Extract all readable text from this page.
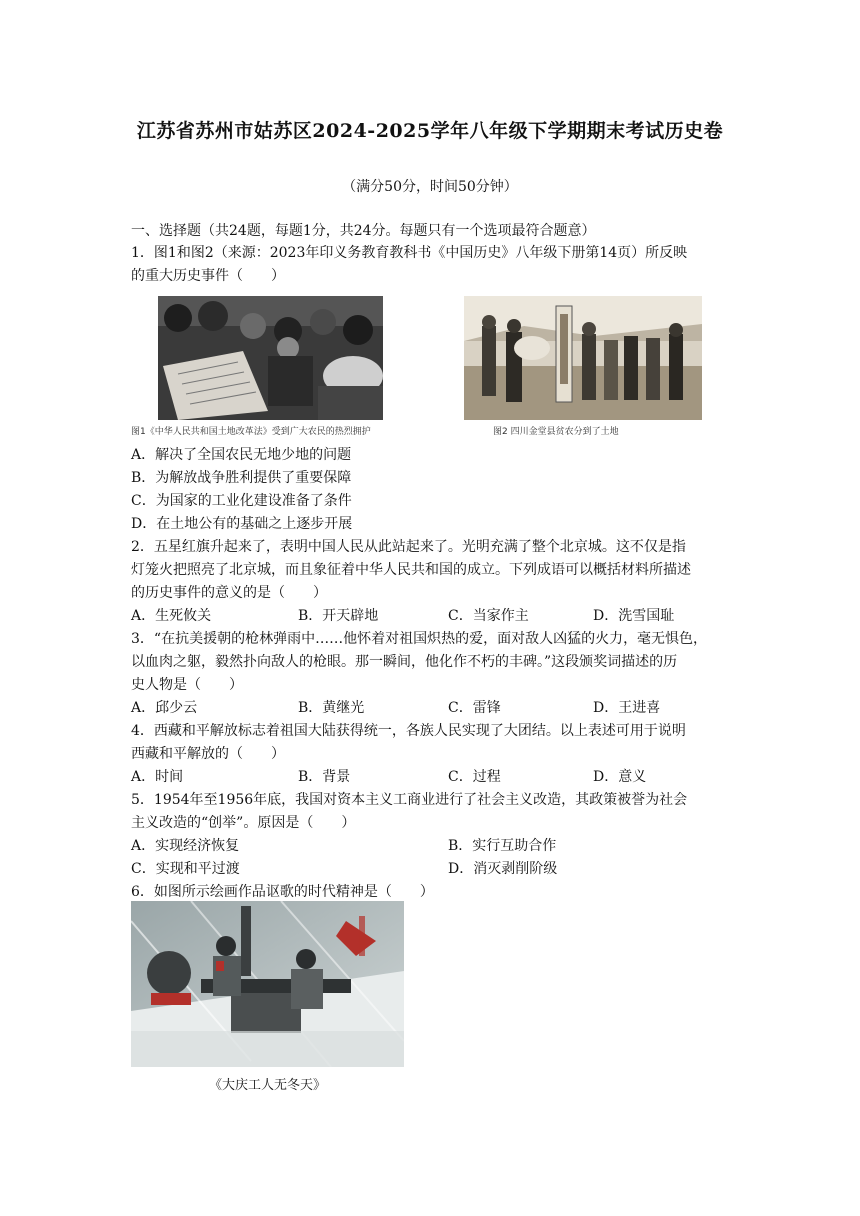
江苏省苏州市姑苏区2024-2025学年八年级下学期期末考试历史卷
（满分50分，时间50分钟）
一、选择题（共24题，每题1分，共24分。每题只有一个选项最符合题意）
1．图1和图2（来源：2023年印义务教育教科书《中国历史》八年级下册第14页）所反映
的重大历史事件（　　）
图1《中华人民共和国土地改革法》受到广大农民的热烈拥护	图2 四川金堂县贫农分到了土地
A．解决了全国农民无地少地的问题
B．为解放战争胜利提供了重要保障
C．为国家的工业化建设准备了条件
D．在土地公有的基础之上逐步开展
2．五星红旗升起来了，表明中国人民从此站起来了。光明充满了整个北京城。这不仅是指
灯笼火把照亮了北京城，而且象征着中华人民共和国的成立。下列成语可以概括材料所描述
的历史事件的意义的是（　　）
A．生死攸关	B．开天辟地	C．当家作主	D．洗雪国耻
3．“在抗美援朝的枪林弹雨中……他怀着对祖国炽热的爱，面对敌人凶猛的火力，毫无惧色，
以血肉之躯，毅然扑向敌人的枪眼。那一瞬间，他化作不朽的丰碑。”这段颁奖词描述的历
史人物是（　　）
A．邱少云	B．黄继光	C．雷锋	D．王进喜
4．西藏和平解放标志着祖国大陆获得统一，各族人民实现了大团结。以上表述可用于说明
西藏和平解放的（　　）
A．时间	B．背景	C．过程	D．意义
5．1954年至1956年底，我国对资本主义工商业进行了社会主义改造，其政策被誉为社会
主义改造的“创举”。原因是（　　）
A．实现经济恢复	B．实行互助合作
C．实现和平过渡	D．消灭剥削阶级
6．如图所示绘画作品讴歌的时代精神是（　　）
《大庆工人无冬天》
